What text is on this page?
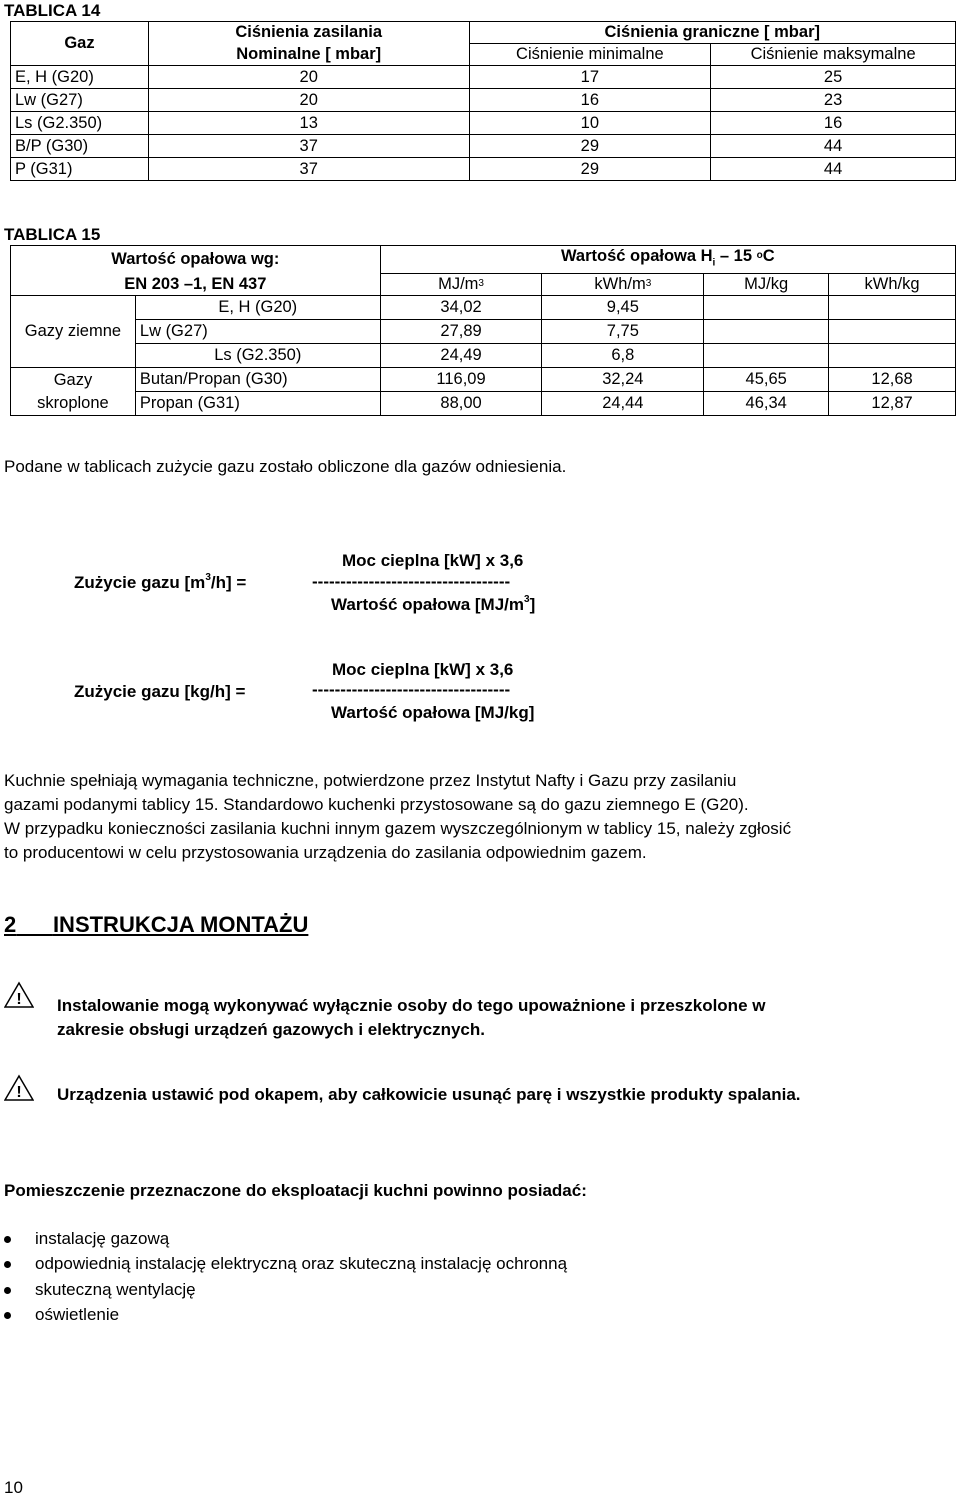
TABLICA 14
Gaz	Ciśnienia zasilania	Ciśnienia graniczne [ mbar]	
	Nominalne [ mbar]	Ciśnienie minimalne	Ciśnienie maksymalne
E, H (G20)	20	17	25
Lw (G27)	20	16	23
Ls (G2.350)	13	10	16
B/P (G30)	37	29	44
P (G31)	37	29	44
TABLICA 15
Wartość opałowa wg:		Wartość opałowa $H_i - 15$ $^o$C			
EN 203 –1, EN 437		$MJ/m^3$	kWh/$m^3$	MJ/kg	kWh/kg
Gazy ziemne	E, H (G20)	34,02	9,45		
	Lw (G27)	27,89	7,75		
	Ls (G2.350)	24,49	6,8		
Gazy	Butan/Propan (G30)	116,09	32,24	45,65	12,68
skroplone	Propan (G31)	88,00	24,44	46,34	12,87
Podane w tablicach zużycie gazu zostało obliczone dla gazów odniesienia.
Moc cieplna [kW] x 3,6
Zużycie gazu $[m^3/h]$ =	-----------------------------------
Wartość opałowa $[MJ/m^3]$
Moc cieplna [kW] x 3,6
Zużycie gazu [kg/h] =	-----------------------------------
Wartość opałowa [MJ/kg]
Kuchnie spełniają wymagania techniczne, potwierdzone przez Instytut Nafty i Gazu przy zasilaniu
gazami podanymi tablicy 15. Standardowo kuchenki przystosowane są do gazu ziemnego E (G20).
W przypadku konieczności zasilania kuchni innym gazem wyszczególnionym w tablicy 15, należy zgłosić
to producentowi w celu przystosowania urządzenia do zasilania odpowiednim gazem.
2 INSTRUKCJA MONTAŻU
! Instalowanie mogą wykonywać wyłącznie osoby do tego upoważnione i przeszkolone w
zakresie obsługi urządzeń gazowych i elektrycznych.
! Urządzenia ustawić pod okapem, aby całkowicie usunąć parę i wszystkie produkty spalania.
Pomieszczenie przeznaczone do eksploatacji kuchni powinno posiadać:
instalację gazową
odpowiednią instalację elektryczną oraz skuteczną instalację ochronną
skuteczną wentylację
oświetlenie
10
